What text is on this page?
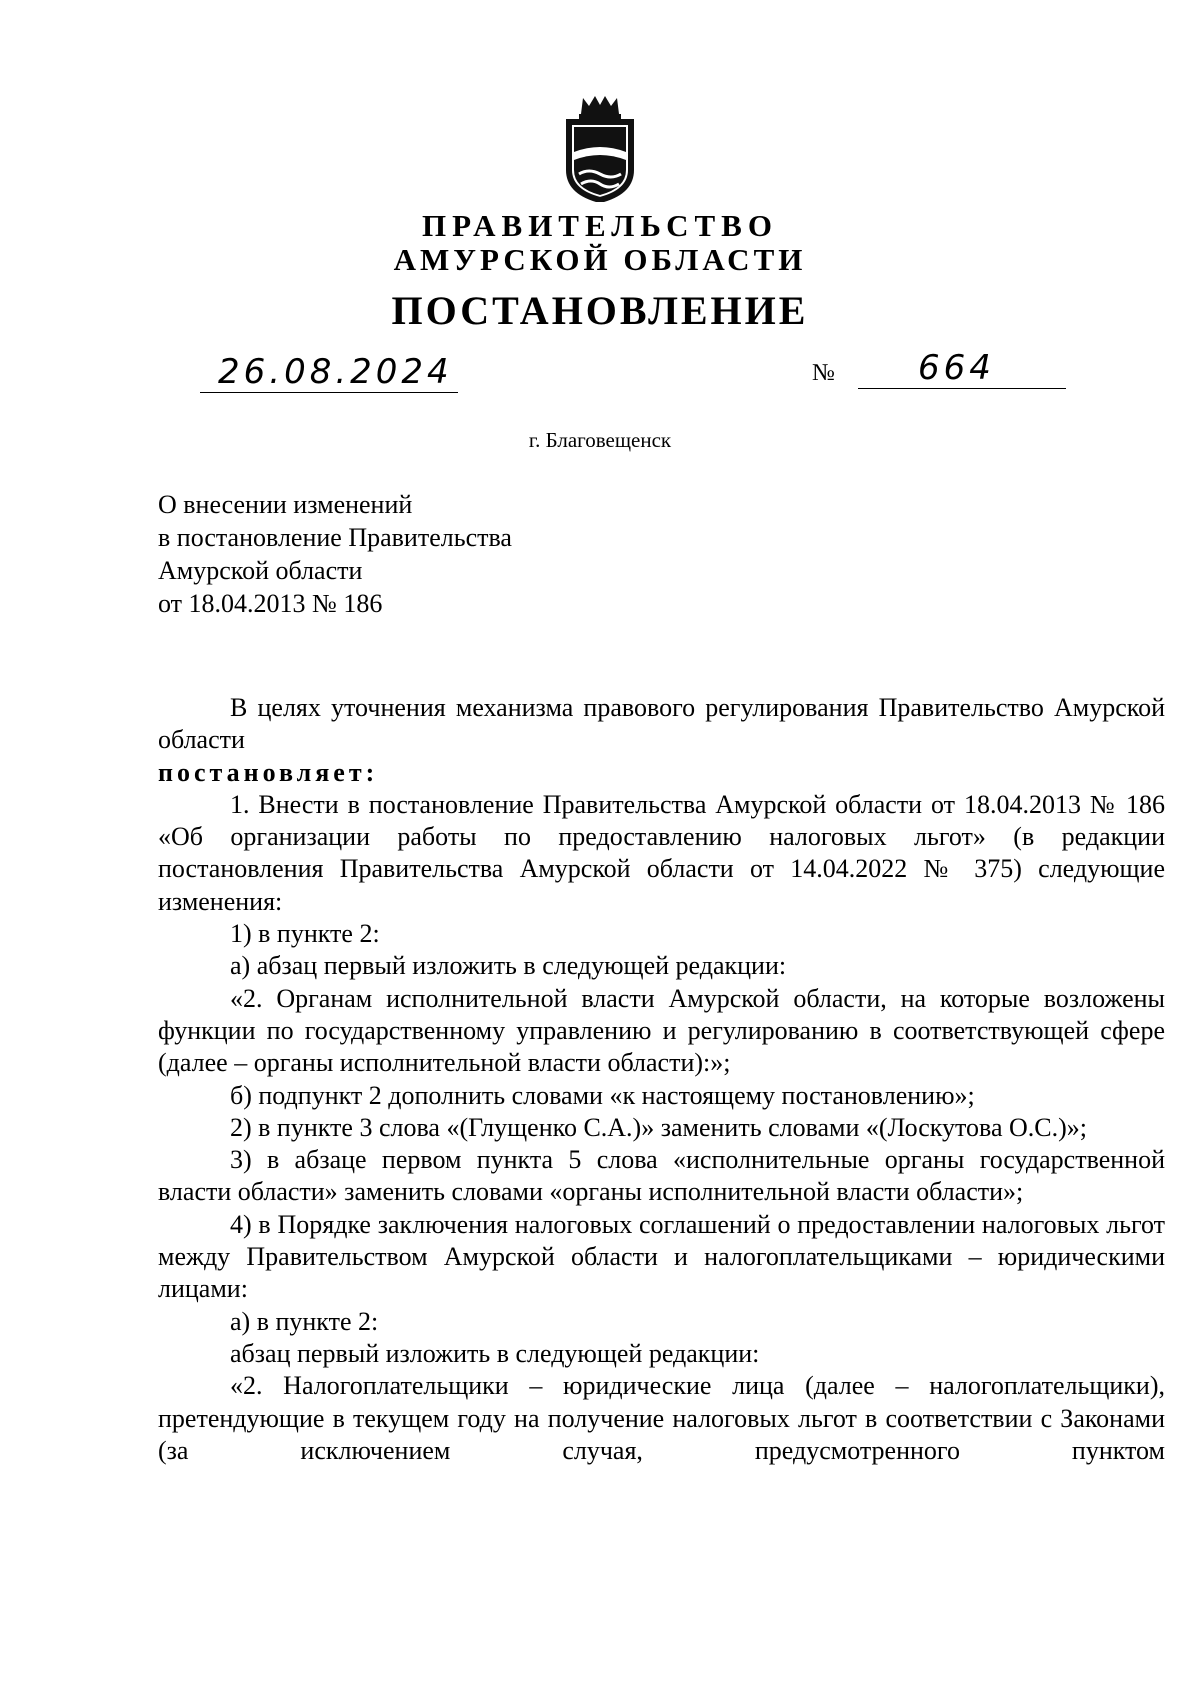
ПРАВИТЕЛЬСТВО
АМУРСКОЙ ОБЛАСТИ
ПОСТАНОВЛЕНИЕ
26.08.2024	№ 664
г. Благовещенск
О внесении изменений
в постановление Правительства
Амурской области
от 18.04.2013 № 186
В целях уточнения механизма правового регулирования Правительство Амурской области
постановляет:
1. Внести в постановление Правительства Амурской области от 18.04.2013 № 186 «Об организации работы по предоставлению налоговых льгот» (в редакции постановления Правительства Амурской области от 14.04.2022 № 375) следующие изменения:
1) в пункте 2:
а) абзац первый изложить в следующей редакции:
«2. Органам исполнительной власти Амурской области, на которые возложены функции по государственному управлению и регулированию в соответствующей сфере (далее – органы исполнительной власти области):»;
б) подпункт 2 дополнить словами «к настоящему постановлению»;
2) в пункте 3 слова «(Глущенко С.А.)» заменить словами «(Лоскутова О.С.)»;
3) в абзаце первом пункта 5 слова «исполнительные органы государственной власти области» заменить словами «органы исполнительной власти области»;
4) в Порядке заключения налоговых соглашений о предоставлении налоговых льгот между Правительством Амурской области и налогоплательщиками – юридическими лицами:
а) в пункте 2:
абзац первый изложить в следующей редакции:
«2. Налогоплательщики – юридические лица (далее – налогоплательщики), претендующие в текущем году на получение налоговых льгот в соответствии с Законами (за исключением случая, предусмотренного пунктом
